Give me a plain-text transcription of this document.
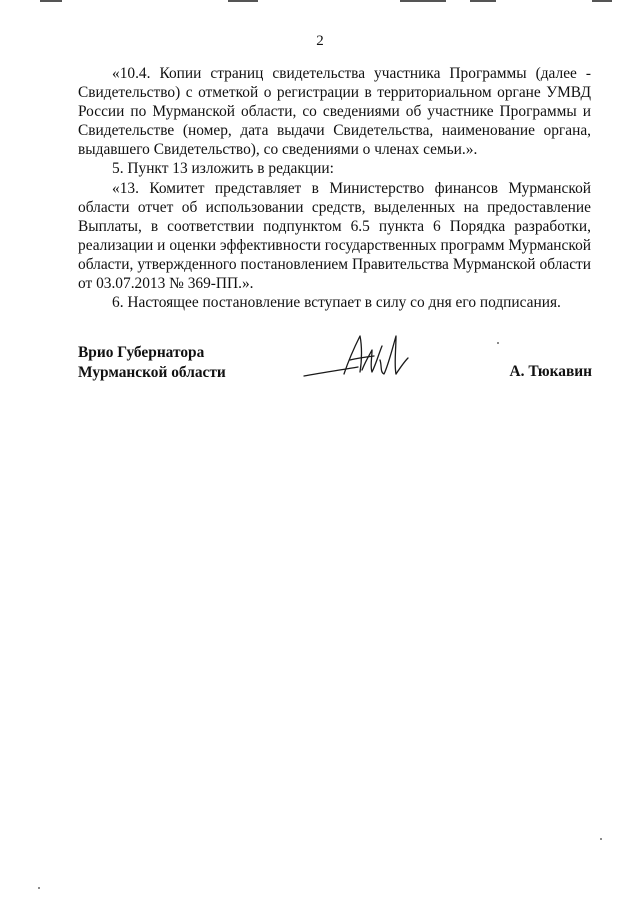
2

«10.4. Копии страниц свидетельства участника Программы (далее - Свидетельство) с отметкой о регистрации в территориальном органе УМВД России по Мурманской области, со сведениями об участнике Программы и Свидетельстве (номер, дата выдачи Свидетельства, наименование органа, выдавшего Свидетельство), со сведениями о членах семьи.».

5. Пункт 13 изложить в редакции:

«13. Комитет представляет в Министерство финансов Мурманской области отчет об использовании средств, выделенных на предоставление Выплаты, в соответствии подпунктом 6.5 пункта 6 Порядка разработки, реализации и оценки эффективности государственных программ Мурманской области, утвержденного постановлением Правительства Мурманской области от 03.07.2013 № 369-ПП.».

6. Настоящее постановление вступает в силу со дня его подписания.

Врио Губернатора
Мурманской области	А. Тюкавин
